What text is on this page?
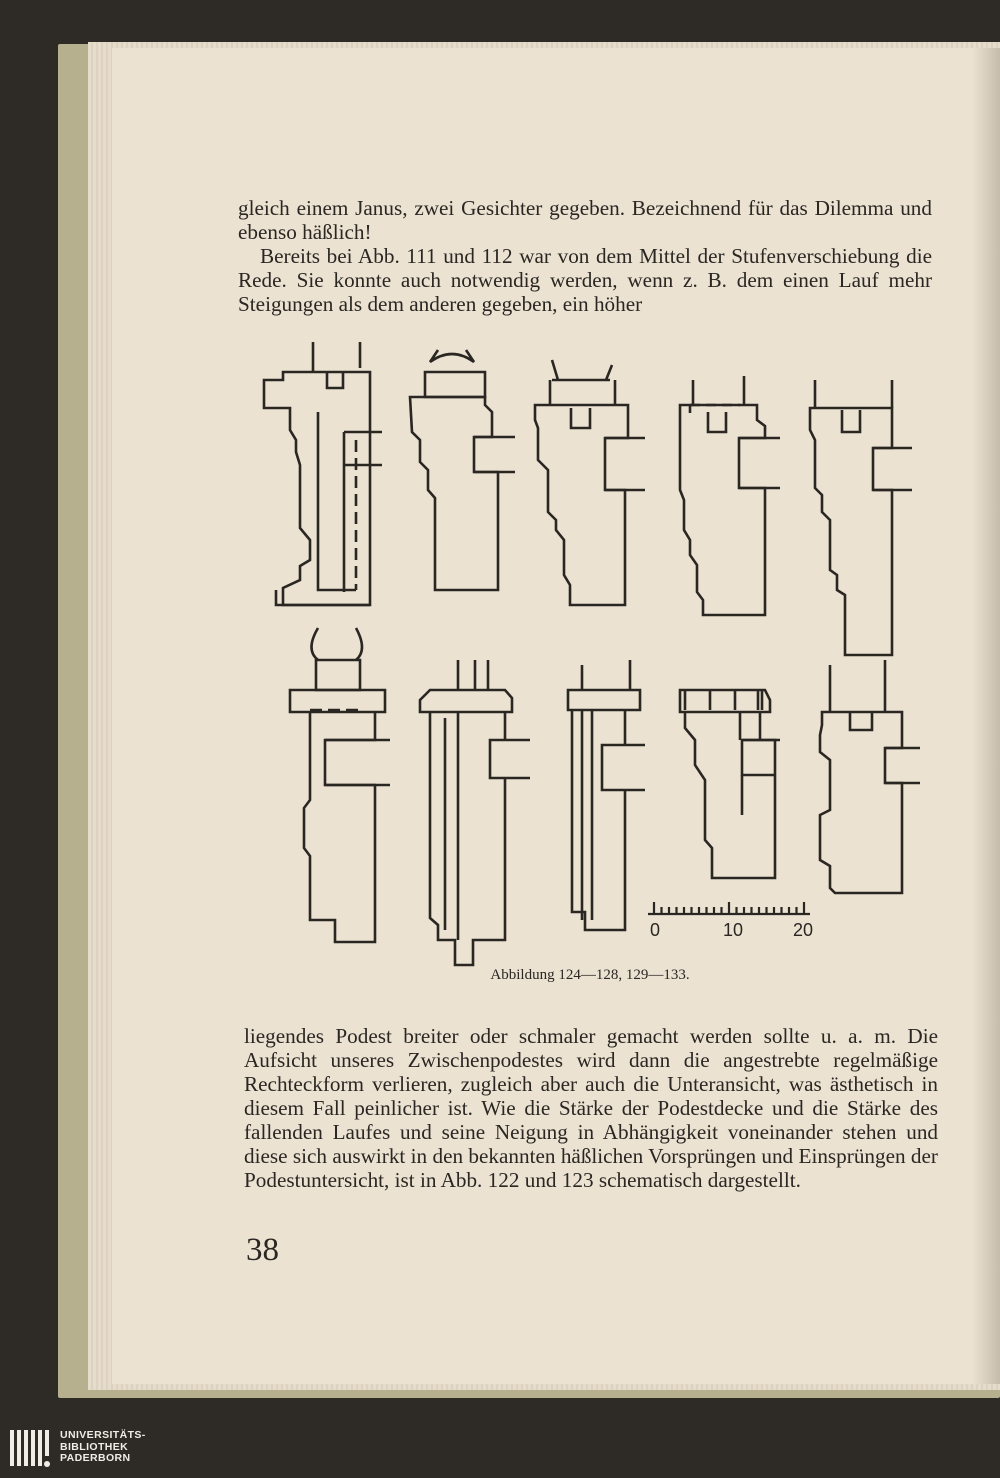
gleich einem Janus, zwei Gesichter gegeben. Bezeichnend für das Dilemma und ebenso häßlich!

Bereits bei Abb. 111 und 112 war von dem Mittel der Stufenverschiebung die Rede. Sie konnte auch notwendig werden, wenn z. B. dem einen Lauf mehr Steigungen als dem anderen gegeben, ein höher

0	10	20
Abbildung 124—128, 129—133.

liegendes Podest breiter oder schmaler gemacht werden sollte u. a. m. Die Aufsicht unseres Zwischenpodestes wird dann die angestrebte regelmäßige Rechteckform verlieren, zugleich aber auch die Unteransicht, was ästhetisch in diesem Fall peinlicher ist. Wie die Stärke der Podestdecke und die Stärke des fallenden Laufes und seine Neigung in Abhängigkeit voneinander stehen und diese sich auswirkt in den bekannten häßlichen Vorsprüngen und Einsprüngen der Podestuntersicht, ist in Abb. 122 und 123 schematisch dargestellt.

38
UNIVERSITÄTS-
BIBLIOTHEK
PADERBORN
